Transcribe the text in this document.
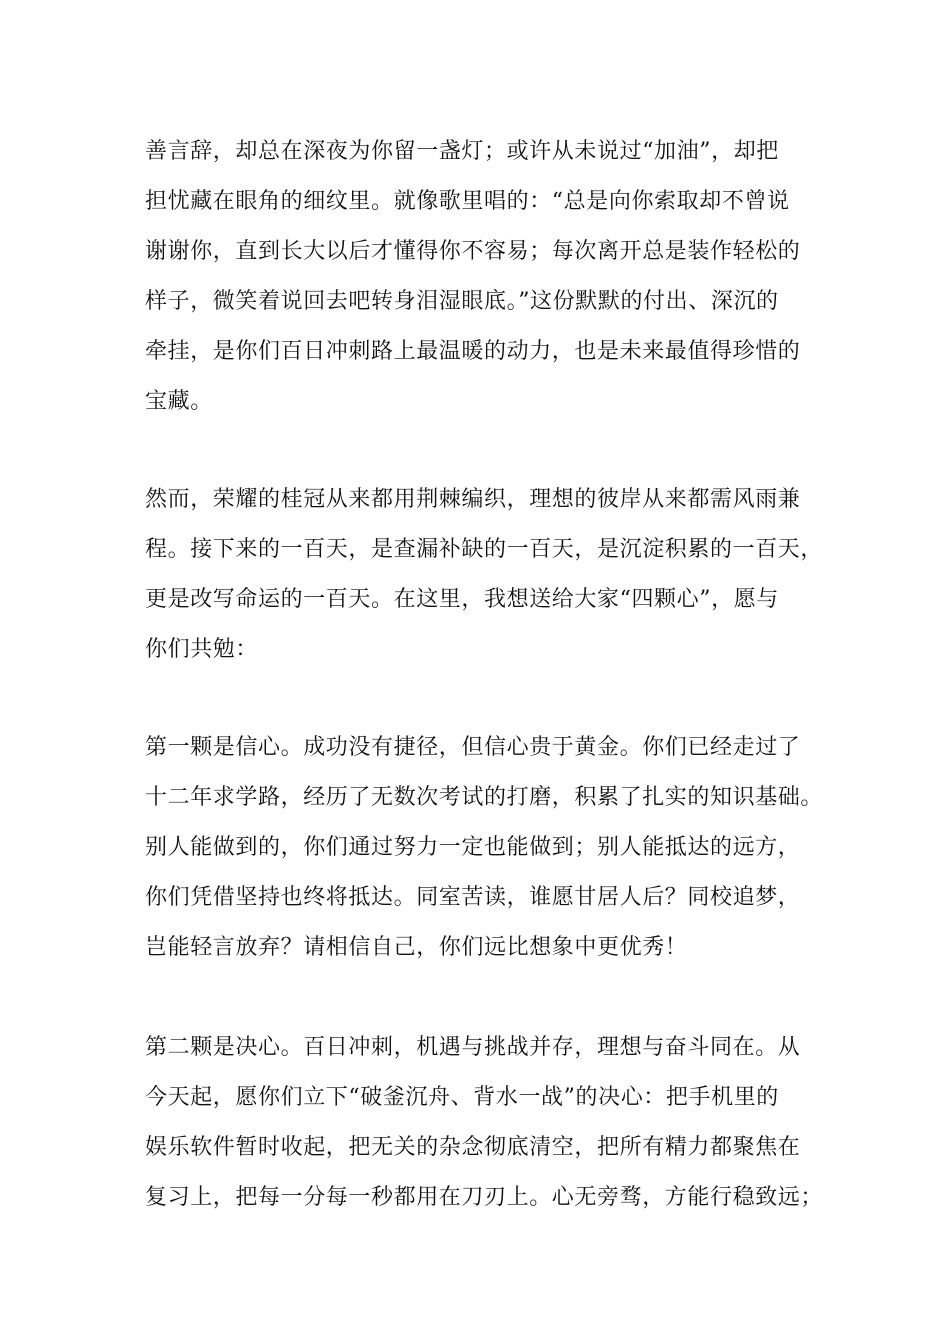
善言辞，却总在深夜为你留一盏灯；或许从未说过“加油”，却把
担忧藏在眼角的细纹里。就像歌里唱的：“总是向你索取却不曾说
谢谢你，直到长大以后才懂得你不容易；每次离开总是装作轻松的
样子，微笑着说回去吧转身泪湿眼底。”这份默默的付出、深沉的
牵挂，是你们百日冲刺路上最温暖的动力，也是未来最值得珍惜的
宝藏。
然而，荣耀的桂冠从来都用荆棘编织，理想的彼岸从来都需风雨兼
程。接下来的一百天，是查漏补缺的一百天，是沉淀积累的一百天，
更是改写命运的一百天。在这里，我想送给大家“四颗心”，愿与
你们共勉：
第一颗是信心。成功没有捷径，但信心贵于黄金。你们已经走过了
十二年求学路，经历了无数次考试的打磨，积累了扎实的知识基础。
别人能做到的，你们通过努力一定也能做到；别人能抵达的远方，
你们凭借坚持也终将抵达。同室苦读，谁愿甘居人后？同校追梦，
岂能轻言放弃？请相信自己，你们远比想象中更优秀！
第二颗是决心。百日冲刺，机遇与挑战并存，理想与奋斗同在。从
今天起，愿你们立下“破釜沉舟、背水一战”的决心：把手机里的
娱乐软件暂时收起，把无关的杂念彻底清空，把所有精力都聚焦在
复习上，把每一分每一秒都用在刀刃上。心无旁骛，方能行稳致远；
